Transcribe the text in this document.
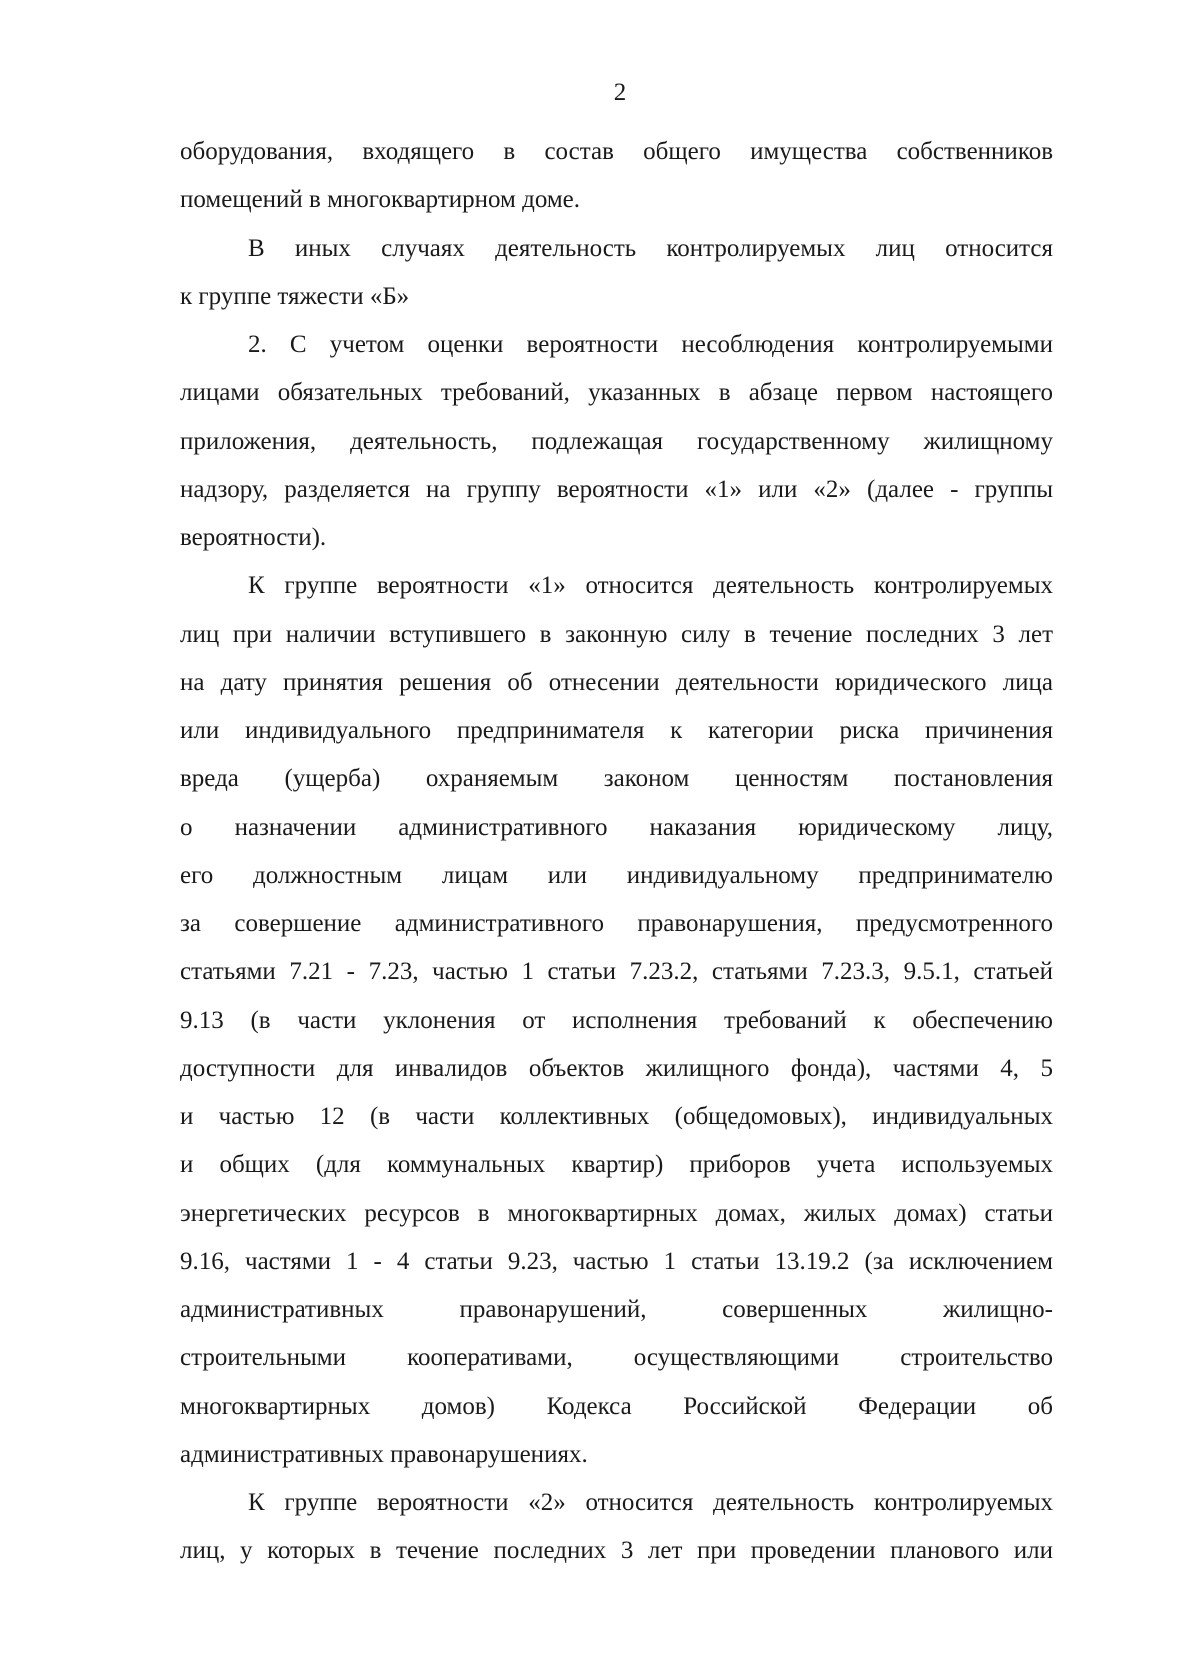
2
оборудования, входящего в состав общего имущества собственников
помещений в многоквартирном доме.
В иных случаях деятельность контролируемых лиц относится
к группе тяжести «Б»
2. С учетом оценки вероятности несоблюдения контролируемыми
лицами обязательных требований, указанных в абзаце первом настоящего
приложения, деятельность, подлежащая государственному жилищному
надзору, разделяется на группу вероятности «1» или «2» (далее - группы
вероятности).
К группе вероятности «1» относится деятельность контролируемых
лиц при наличии вступившего в законную силу в течение последних 3 лет
на дату принятия решения об отнесении деятельности юридического лица
или индивидуального предпринимателя к категории риска причинения
вреда (ущерба) охраняемым законом ценностям постановления
о назначении административного наказания юридическому лицу,
его должностным лицам или индивидуальному предпринимателю
за совершение административного правонарушения, предусмотренного
статьями 7.21 - 7.23, частью 1 статьи 7.23.2, статьями 7.23.3, 9.5.1, статьей
9.13 (в части уклонения от исполнения требований к обеспечению
доступности для инвалидов объектов жилищного фонда), частями 4, 5
и частью 12 (в части коллективных (общедомовых), индивидуальных
и общих (для коммунальных квартир) приборов учета используемых
энергетических ресурсов в многоквартирных домах, жилых домах) статьи
9.16, частями 1 - 4 статьи 9.23, частью 1 статьи 13.19.2 (за исключением
административных правонарушений, совершенных жилищно-
строительными кооперативами, осуществляющими строительство
многоквартирных домов) Кодекса Российской Федерации об
административных правонарушениях.
К группе вероятности «2» относится деятельность контролируемых
лиц, у которых в течение последних 3 лет при проведении планового или
